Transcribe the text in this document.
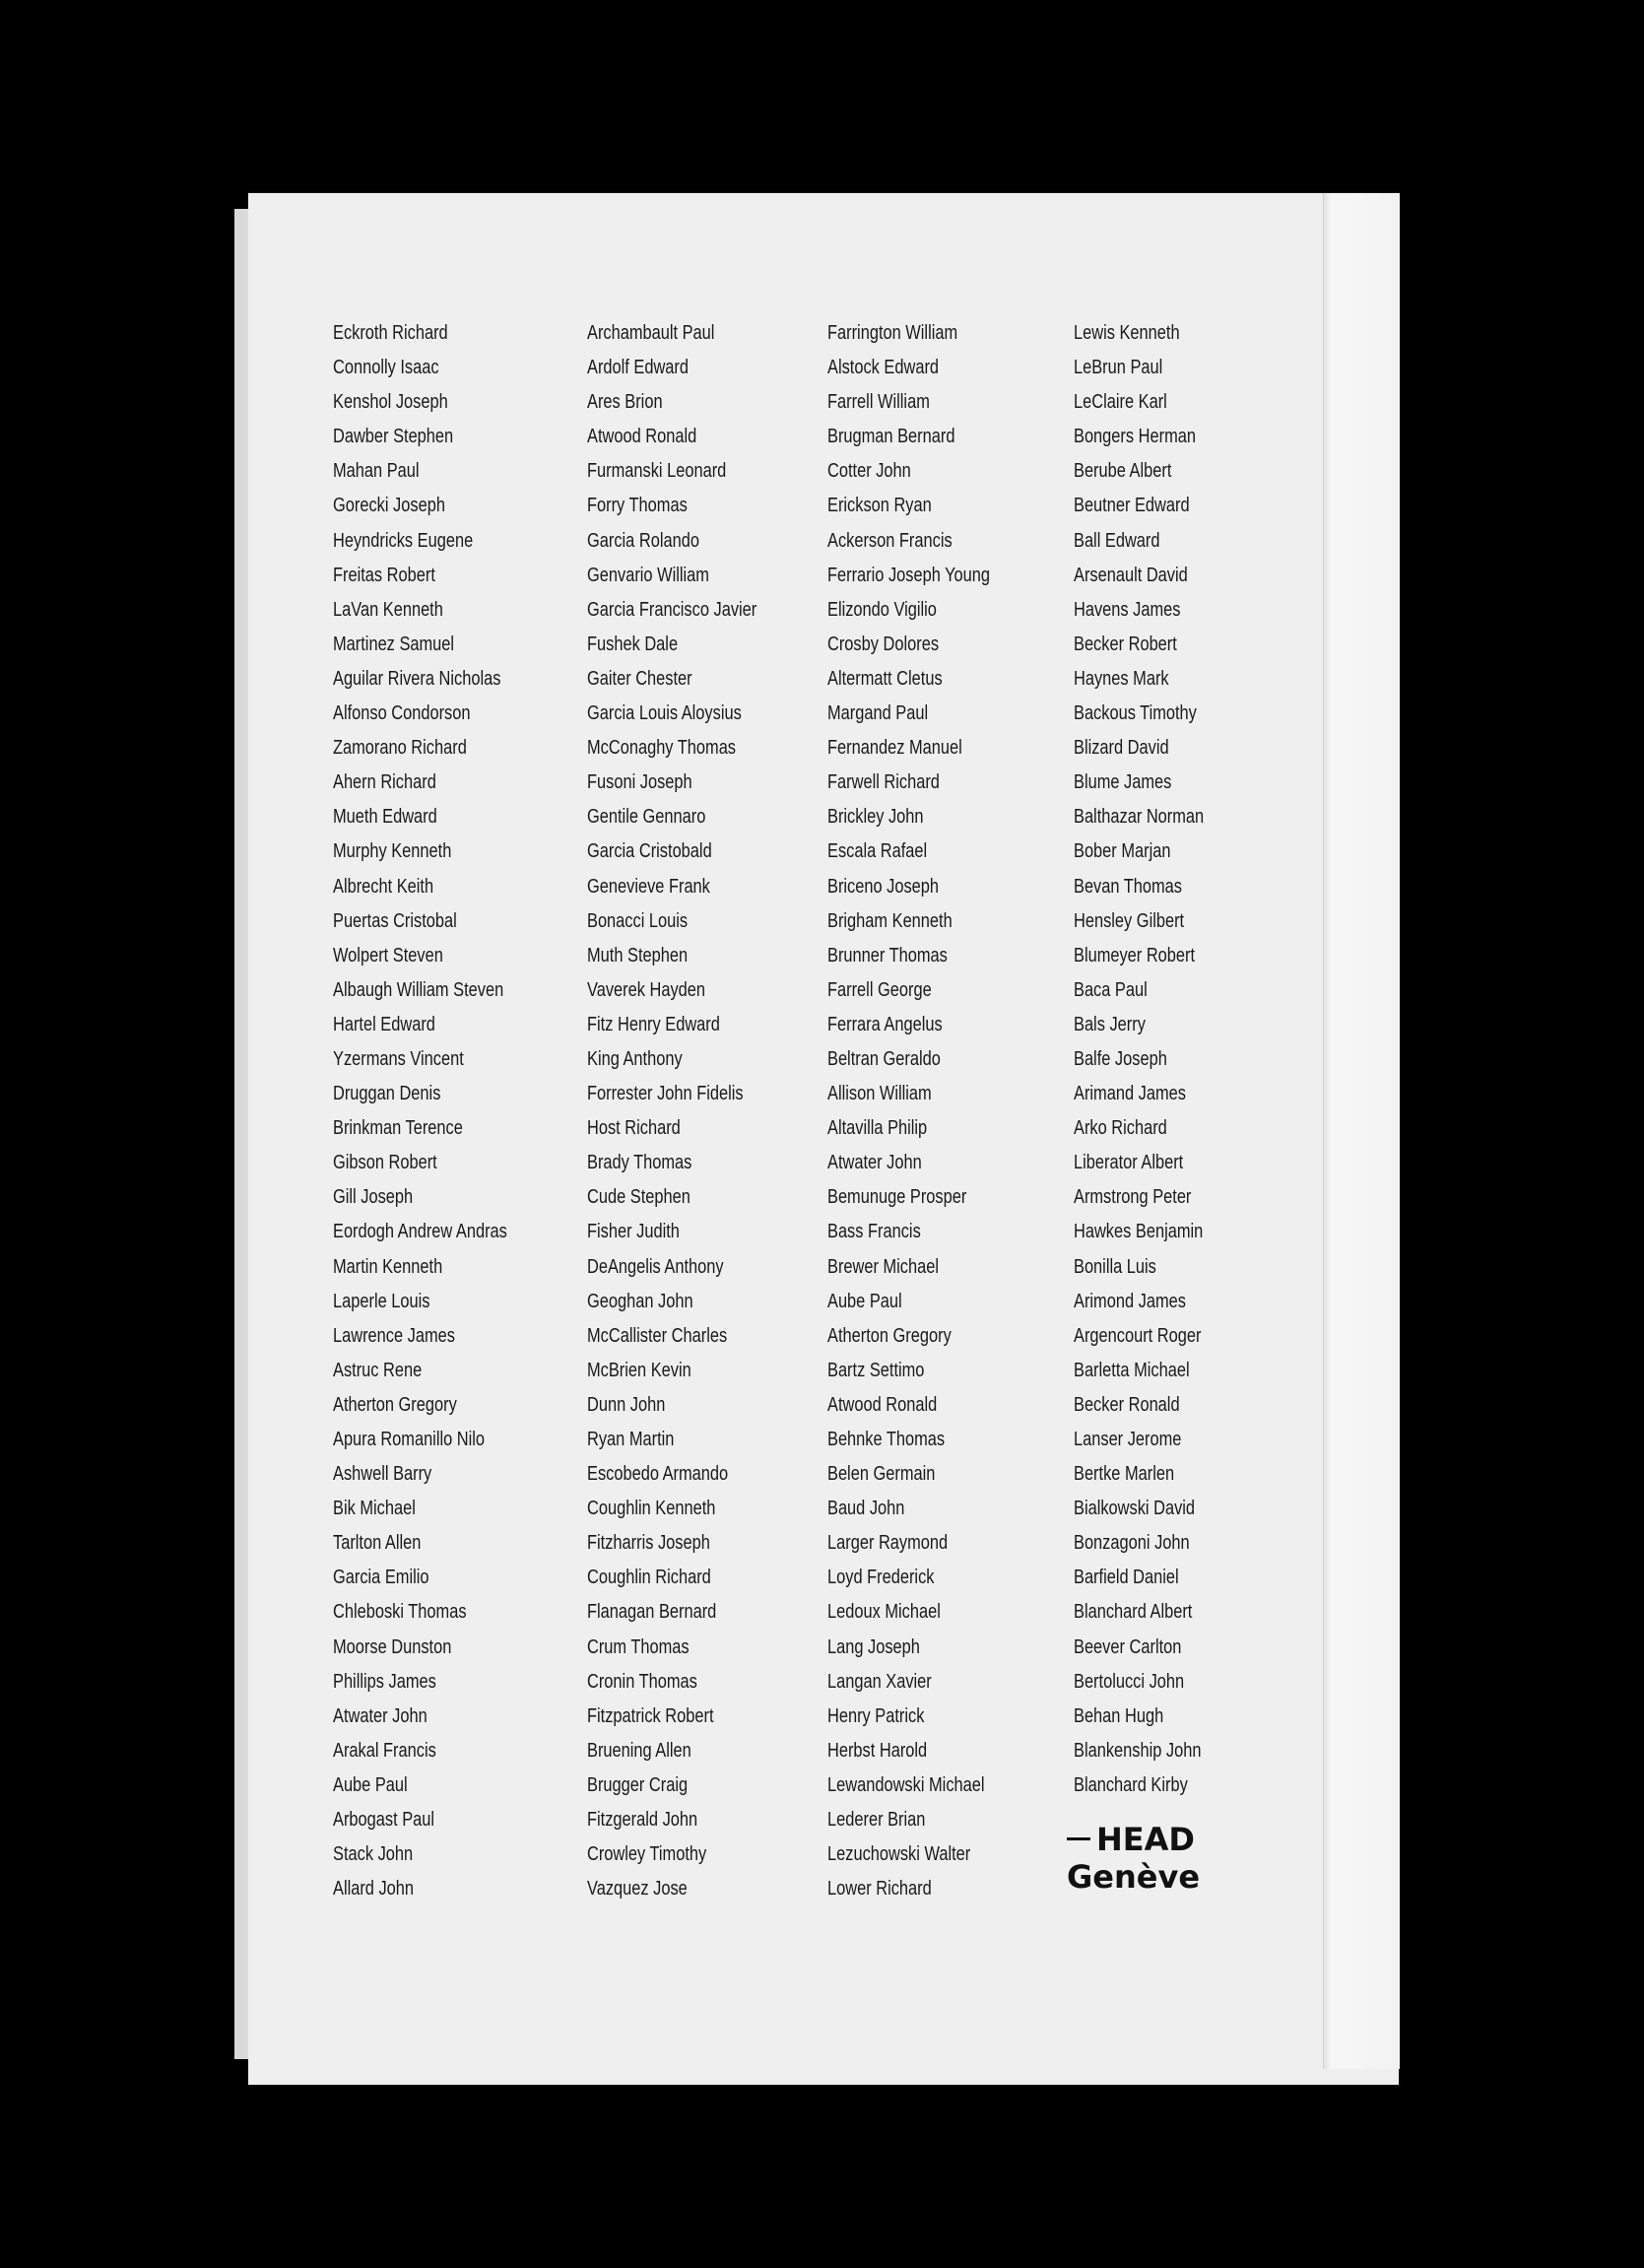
Eckroth Richard
Connolly Isaac
Kenshol Joseph
Dawber Stephen
Mahan Paul
Gorecki Joseph
Heyndricks Eugene
Freitas Robert
LaVan Kenneth
Martinez Samuel
Aguilar Rivera Nicholas
Alfonso Condorson
Zamorano Richard
Ahern Richard
Mueth Edward
Murphy Kenneth
Albrecht Keith
Puertas Cristobal
Wolpert Steven
Albaugh William Steven
Hartel Edward
Yzermans Vincent
Druggan Denis
Brinkman Terence
Gibson Robert
Gill Joseph
Eordogh Andrew Andras
Martin Kenneth
Laperle Louis
Lawrence James
Astruc Rene
Atherton Gregory
Apura Romanillo Nilo
Ashwell Barry
Bik Michael
Tarlton Allen
Garcia Emilio
Chleboski Thomas
Moorse Dunston
Phillips James
Atwater John
Arakal Francis
Aube Paul
Arbogast Paul
Stack John
Allard John
Archambault Paul
Ardolf Edward
Ares Brion
Atwood Ronald
Furmanski Leonard
Forry Thomas
Garcia Rolando
Genvario William
Garcia Francisco Javier
Fushek Dale
Gaiter Chester
Garcia Louis Aloysius
McConaghy Thomas
Fusoni Joseph
Gentile Gennaro
Garcia Cristobald
Genevieve Frank
Bonacci Louis
Muth Stephen
Vaverek Hayden
Fitz Henry Edward
King Anthony
Forrester John Fidelis
Host Richard
Brady Thomas
Cude Stephen
Fisher Judith
DeAngelis Anthony
Geoghan John
McCallister Charles
McBrien Kevin
Dunn John
Ryan Martin
Escobedo Armando
Coughlin Kenneth
Fitzharris Joseph
Coughlin Richard
Flanagan Bernard
Crum Thomas
Cronin Thomas
Fitzpatrick Robert
Bruening Allen
Brugger Craig
Fitzgerald John
Crowley Timothy
Vazquez Jose
Farrington William
Alstock Edward
Farrell William
Brugman Bernard
Cotter John
Erickson Ryan
Ackerson Francis
Ferrario Joseph Young
Elizondo Vigilio
Crosby Dolores
Altermatt Cletus
Margand Paul
Fernandez Manuel
Farwell Richard
Brickley John
Escala Rafael
Briceno Joseph
Brigham Kenneth
Brunner Thomas
Farrell George
Ferrara Angelus
Beltran Geraldo
Allison William
Altavilla Philip
Atwater John
Bemunuge Prosper
Bass Francis
Brewer Michael
Aube Paul
Atherton Gregory
Bartz Settimo
Atwood Ronald
Behnke Thomas
Belen Germain
Baud John
Larger Raymond
Loyd Frederick
Ledoux Michael
Lang Joseph
Langan Xavier
Henry Patrick
Herbst Harold
Lewandowski Michael
Lederer Brian
Lezuchowski Walter
Lower Richard
Lewis Kenneth
LeBrun Paul
LeClaire Karl
Bongers Herman
Berube Albert
Beutner Edward
Ball Edward
Arsenault David
Havens James
Becker Robert
Haynes Mark
Backous Timothy
Blizard David
Blume James
Balthazar Norman
Bober Marjan
Bevan Thomas
Hensley Gilbert
Blumeyer Robert
Baca Paul
Bals Jerry
Balfe Joseph
Arimand James
Arko Richard
Liberator Albert
Armstrong Peter
Hawkes Benjamin
Bonilla Luis
Arimond James
Argencourt Roger
Barletta Michael
Becker Ronald
Lanser Jerome
Bertke Marlen
Bialkowski David
Bonzagoni John
Barfield Daniel
Blanchard Albert
Beever Carlton
Bertolucci John
Behan Hugh
Blankenship John
Blanchard Kirby
HEAD
Genève
